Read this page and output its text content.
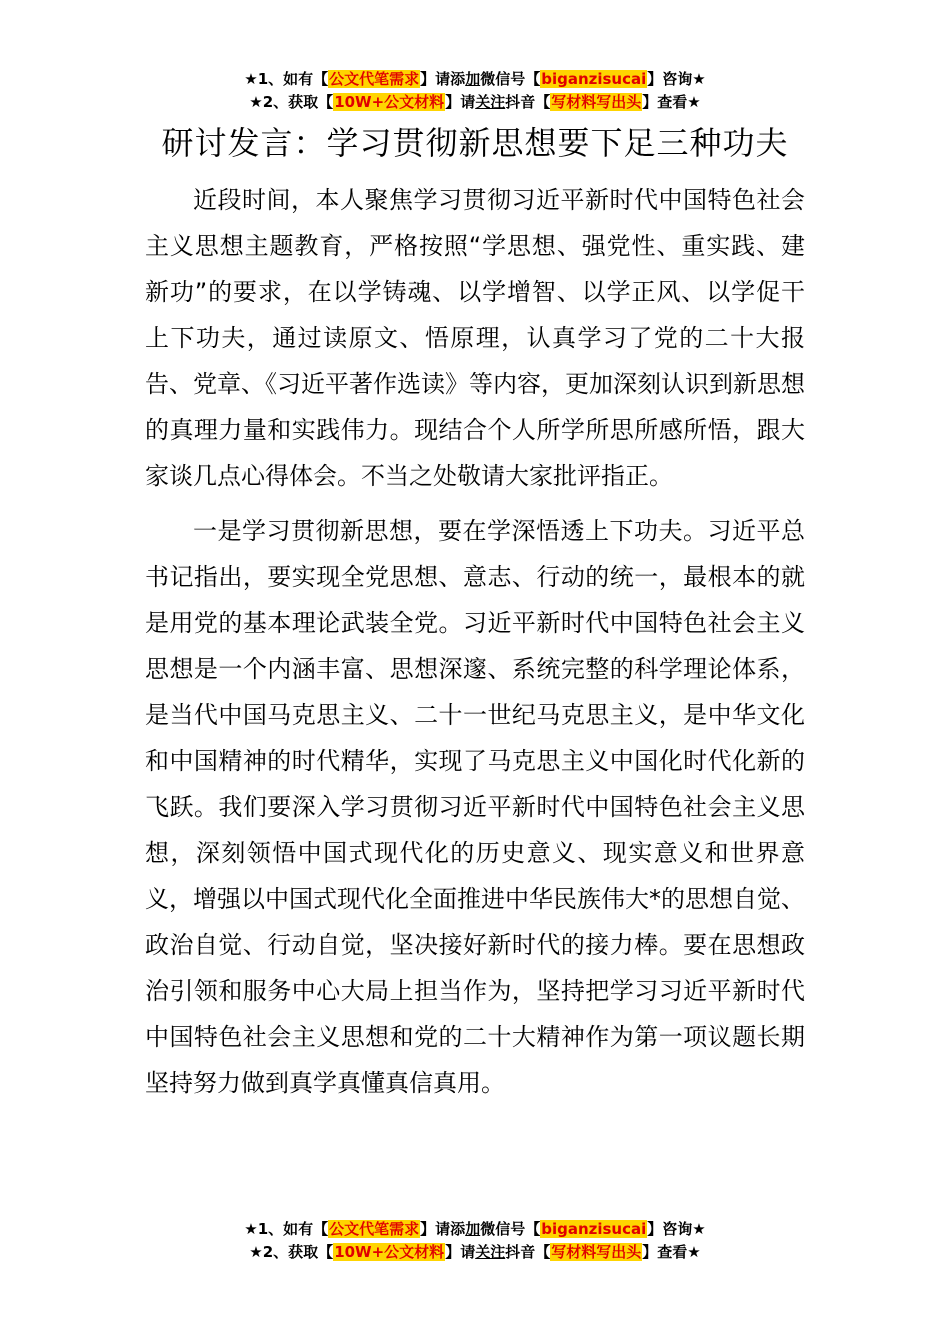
★1、如有【公文代笔需求】请添加微信号【biganzisucai】咨询★
★2、获取【10W+公文材料】请关注抖音【写材料写出头】查看★
研讨发言：学习贯彻新思想要下足三种功夫

近段时间，本人聚焦学习贯彻习近平新时代中国特色社会主义思想主题教育，严格按照“学思想、强党性、重实践、建新功”的要求，在以学铸魂、以学增智、以学正风、以学促干上下功夫，通过读原文、悟原理，认真学习了党的二十大报告、党章、《习近平著作选读》等内容，更加深刻认识到新思想的真理力量和实践伟力。现结合个人所学所思所感所悟，跟大家谈几点心得体会。不当之处敬请大家批评指正。

一是学习贯彻新思想，要在学深悟透上下功夫。习近平总书记指出，要实现全党思想、意志、行动的统一，最根本的就是用党的基本理论武装全党。习近平新时代中国特色社会主义思想是一个内涵丰富、思想深邃、系统完整的科学理论体系，是当代中国马克思主义、二十一世纪马克思主义，是中华文化和中国精神的时代精华，实现了马克思主义中国化时代化新的飞跃。我们要深入学习贯彻习近平新时代中国特色社会主义思想，深刻领悟中国式现代化的历史意义、现实意义和世界意义，增强以中国式现代化全面推进中华民族伟大*的思想自觉、政治自觉、行动自觉，坚决接好新时代的接力棒。要在思想政治引领和服务中心大局上担当作为，坚持把学习习近平新时代中国特色社会主义思想和党的二十大精神作为第一项议题长期坚持努力做到真学真懂真信真用。

★1、如有【公文代笔需求】请添加微信号【biganzisucai】咨询★
★2、获取【10W+公文材料】请关注抖音【写材料写出头】查看★
